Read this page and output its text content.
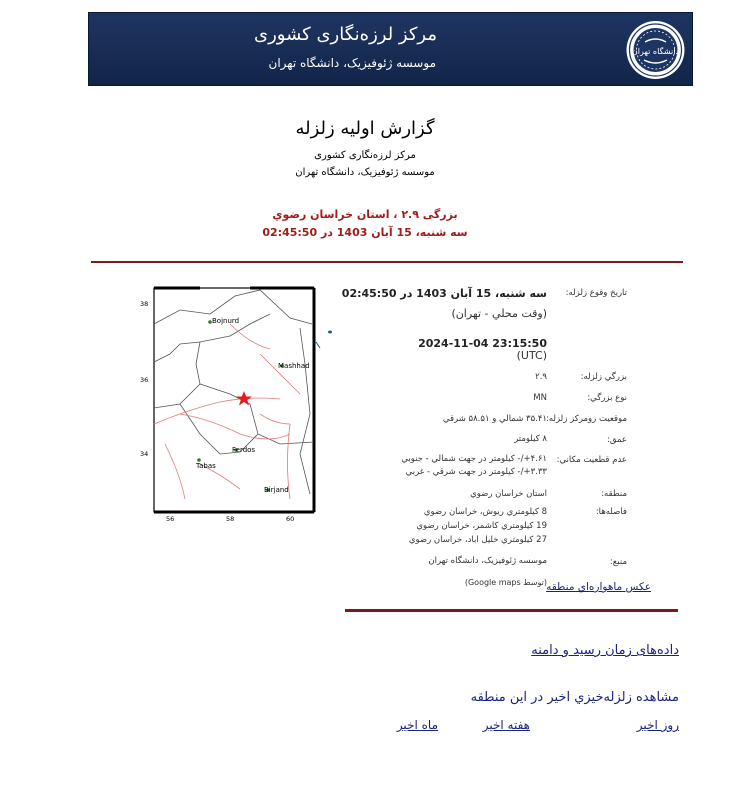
مرکز لرزه‌نگاری کشوری
موسسه ژئوفیزیک، دانشگاه تهران
دانشگاه تهران
گزارش اولیه زلزله
مرکز لرزه‌نگاری کشوری
موسسه ژئوفیزیک، دانشگاه تهران
بزرگی ۲.۹ ، استان خراسان رضوي
سه شنبه، 15 آبان 1403 در 02:45:50
Bojnurd
Mashhad
Ferdos
Tabas
Birjand
38
36
34
56	58	60
تاریخ وقوع زلزله:
سه شنبه، 15 آبان 1403 در 02:45:50
(وقت محلي - تهران)
2024-11-04 23:15:50
(UTC)
بزرگي زلزله:
۲.۹
نوع بزرگي:
MN
موقعيت رومرکز زلزله:
۳۵.۴۱ شمالي و ۵۸.۵۱ شرقي
عمق:
۸ کيلومتر
عدم قطعيت مکاني:
۴.۶۱+/- کيلومتر در جهت شمالي - جنوبي
۳.۳۳+/- کيلومتر در جهت شرقي - غربي
منطقه:
استان خراسان رضوي
فاصله‌ها:
8 کيلومتري ريوش، خراسان رضوي
19 کيلومتري کاشمر، خراسان رضوي
27 کيلومتري خليل اباد، خراسان رضوي
منبع:
موسسه ژئوفيزيک، دانشگاه تهران
عکس ماهواره‌اي منطقه
(توسط Google maps)
داده‌های زمان رسید و دامنه
مشاهده زلزله‌خيزي اخير در اين منطقه
روز اخير
هفته اخير
ماه اخير
